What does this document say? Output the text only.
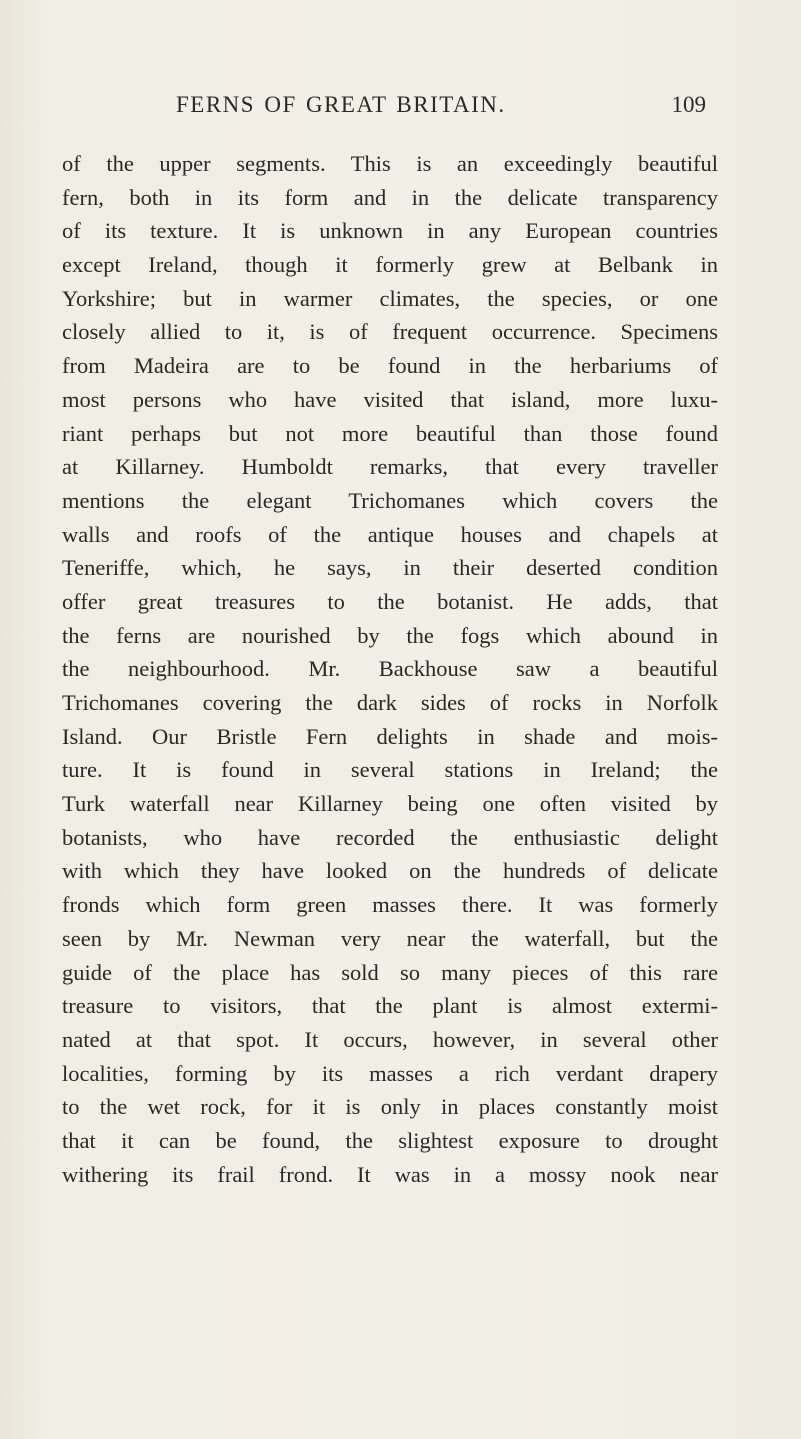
FERNS OF GREAT BRITAIN.	109
of the upper segments. This is an exceedingly beautiful
fern, both in its form and in the delicate transparency
of its texture. It is unknown in any European countries
except Ireland, though it formerly grew at Belbank in
Yorkshire; but in warmer climates, the species, or one
closely allied to it, is of frequent occurrence. Specimens
from Madeira are to be found in the herbariums of
most persons who have visited that island, more luxu-
riant perhaps but not more beautiful than those found
at Killarney. Humboldt remarks, that every traveller
mentions the elegant Trichomanes which covers the
walls and roofs of the antique houses and chapels at
Teneriffe, which, he says, in their deserted condition
offer great treasures to the botanist. He adds, that
the ferns are nourished by the fogs which abound in
the neighbourhood. Mr. Backhouse saw a beautiful
Trichomanes covering the dark sides of rocks in Norfolk
Island. Our Bristle Fern delights in shade and mois-
ture. It is found in several stations in Ireland; the
Turk waterfall near Killarney being one often visited by
botanists, who have recorded the enthusiastic delight
with which they have looked on the hundreds of delicate
fronds which form green masses there. It was formerly
seen by Mr. Newman very near the waterfall, but the
guide of the place has sold so many pieces of this rare
treasure to visitors, that the plant is almost extermi-
nated at that spot. It occurs, however, in several other
localities, forming by its masses a rich verdant drapery
to the wet rock, for it is only in places constantly moist
that it can be found, the slightest exposure to drought
withering its frail frond. It was in a mossy nook near
